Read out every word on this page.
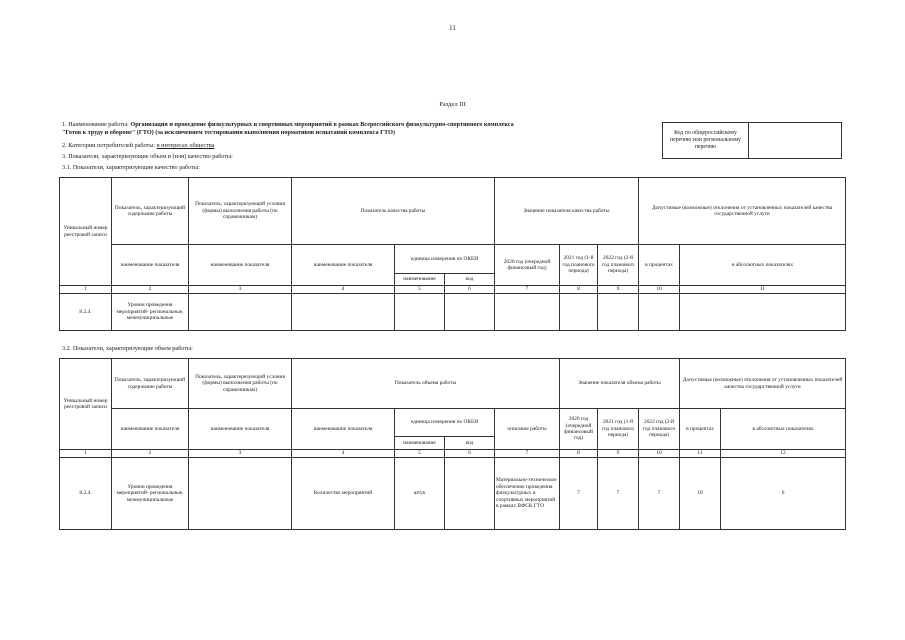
11
Раздел III
1. Наименование работы: Организация и проведение физкультурных и спортивных мероприятий в рамках Всероссийского физкультурно-спортивного комплекса
"Готов к труду и обороне" (ГТО) (за исключением тестирования выполнения нормативов испытаний комплекса ГТО)
2. Категории потребителей работы: в интересах общества
3. Показатели, характеризующие объем и (или) качество работы:
3.1. Показатели, характеризующие качество работы:
Код по общероссийскому перечню или региональному перечню
Уникальный номер реестровой записи	Показатель, характеризующий содержание работы	Показатель, характеризующий условия (формы) выполнения работы (по справочникам)	Показатель качества работы			Значение показателя качества работы			Допустимые (возможные) отклонения от установленных показателей качества государственной услуги	
	наименование показателя	наименование показателя	наименование показателя	единица измерения по ОКЕИ		2020 год (очередной финансовый год)	2021 год (1-й год планового периода)	2022 год (2-й год планового периода)	в процентах	в абсолютных показателях
				наименование	код					
1	2	3	4	5	6	7	8	9	10	11
8.2.4.	Уровни проведения мероприятий- региональные, межмуниципальные									
3.2. Показатели, характеризующие объем работы:
Уникальный номер реестровой записи	Показатель, характеризующий содержание работы	Показатель, характеризующий условия (формы) выполнения работы (по справочникам)	Показатель объема работы				Значение показателя объема работы			Допустимые (возможные) отклонения от установленных показателей качества государственной услуги	
	наименование показателя	наименование показателя	наименование показателя	единица измерения по ОКЕИ		описание работы	2020 год (очередной финансовый год)	2021 год (1-й год планового периода)	2022 год (2-й год планового периода)	в процентах	в абсолютных показателях
				наименование	код						
1	2	3	4	5	6	7	8	9	10	11	12
8.2.4.	Уровни проведения мероприятий- региональные, межмуниципальные		Количество мероприятий	штук		Материально-техническое обеспечение проведения физкультурных и спортивных мероприятий в рамках ВФСК ГТО	7	7	7	10	6
